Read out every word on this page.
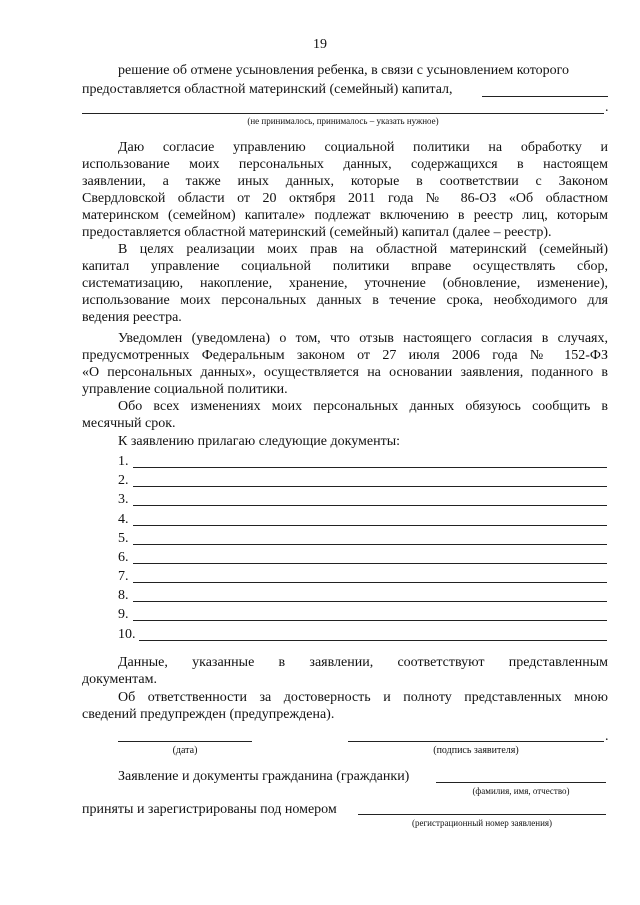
19
решение об отмене усыновления ребенка, в связи с усыновлением которого
предоставляется областной материнский (семейный) капитал,
.
(не принималось, принималось – указать нужное)
Даю согласие управлению социальной политики на обработку и
использование моих персональных данных, содержащихся в настоящем
заявлении, а также иных данных, которые в соответствии с Законом
Свердловской области от 20 октября 2011 года № 86-ОЗ «Об областном
материнском (семейном) капитале» подлежат включению в реестр лиц, которым
предоставляется областной материнский (семейный) капитал (далее – реестр).
В целях реализации моих прав на областной материнский (семейный)
капитал управление социальной политики вправе осуществлять сбор,
систематизацию, накопление, хранение, уточнение (обновление, изменение),
использование моих персональных данных в течение срока, необходимого для
ведения реестра.
Уведомлен (уведомлена) о том, что отзыв настоящего согласия в случаях,
предусмотренных Федеральным законом от 27 июля 2006 года № 152-ФЗ
«О персональных данных», осуществляется на основании заявления, поданного в
управление социальной политики.
Обо всех изменениях моих персональных данных обязуюсь сообщить в
месячный срок.
К заявлению прилагаю следующие документы:
1.
2.
3.
4.
5.
6.
7.
8.
9.
10.
Данные, указанные в заявлении, соответствуют представленным
документам.
Об ответственности за достоверность и полноту представленных мною
сведений предупрежден (предупреждена).
(дата)
.
(подпись заявителя)
Заявление и документы гражданина (гражданки)
(фамилия, имя, отчество)
приняты и зарегистрированы под номером
(регистрационный номер заявления)
